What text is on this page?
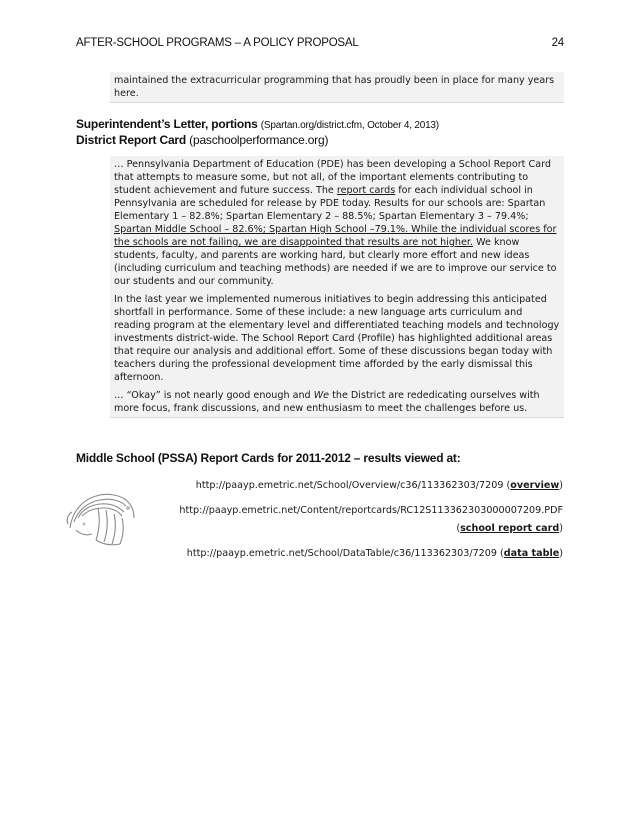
AFTER-SCHOOL PROGRAMS – A POLICY PROPOSAL	24

maintained the extracurricular programming that has proudly been in place for many years here.

Superintendent’s Letter, portions (Spartan.org/district.cfm, October 4, 2013)
District Report Card (paschoolperformance.org)

… Pennsylvania Department of Education (PDE) has been developing a School Report Card that attempts to measure some, but not all, of the important elements contributing to student achievement and future success. The report cards for each individual school in Pennsylvania are scheduled for release by PDE today. Results for our schools are: Spartan Elementary 1 – 82.8%; Spartan Elementary 2 – 88.5%; Spartan Elementary 3 – 79.4%; Spartan Middle School – 82.6%; Spartan High School –79.1%. While the individual scores for the schools are not failing, we are disappointed that results are not higher. We know students, faculty, and parents are working hard, but clearly more effort and new ideas (including curriculum and teaching methods) are needed if we are to improve our service to our students and our community.

In the last year we implemented numerous initiatives to begin addressing this anticipated shortfall in performance. Some of these include: a new language arts curriculum and reading program at the elementary level and differentiated teaching models and technology investments district-wide. The School Report Card (Profile) has highlighted additional areas that require our analysis and additional effort. Some of these discussions began today with teachers during the professional development time afforded by the early dismissal this afternoon.

… “Okay” is not nearly good enough and We the District are rededicating ourselves with more focus, frank discussions, and new enthusiasm to meet the challenges before us.

Middle School (PSSA) Report Cards for 2011-2012 – results viewed at:
http://paayp.emetric.net/School/Overview/c36/113362303/7209 (overview)
http://paayp.emetric.net/Content/reportcards/RC12S113362303000007209.PDF
(school report card)
http://paayp.emetric.net/School/DataTable/c36/113362303/7209 (data table)
